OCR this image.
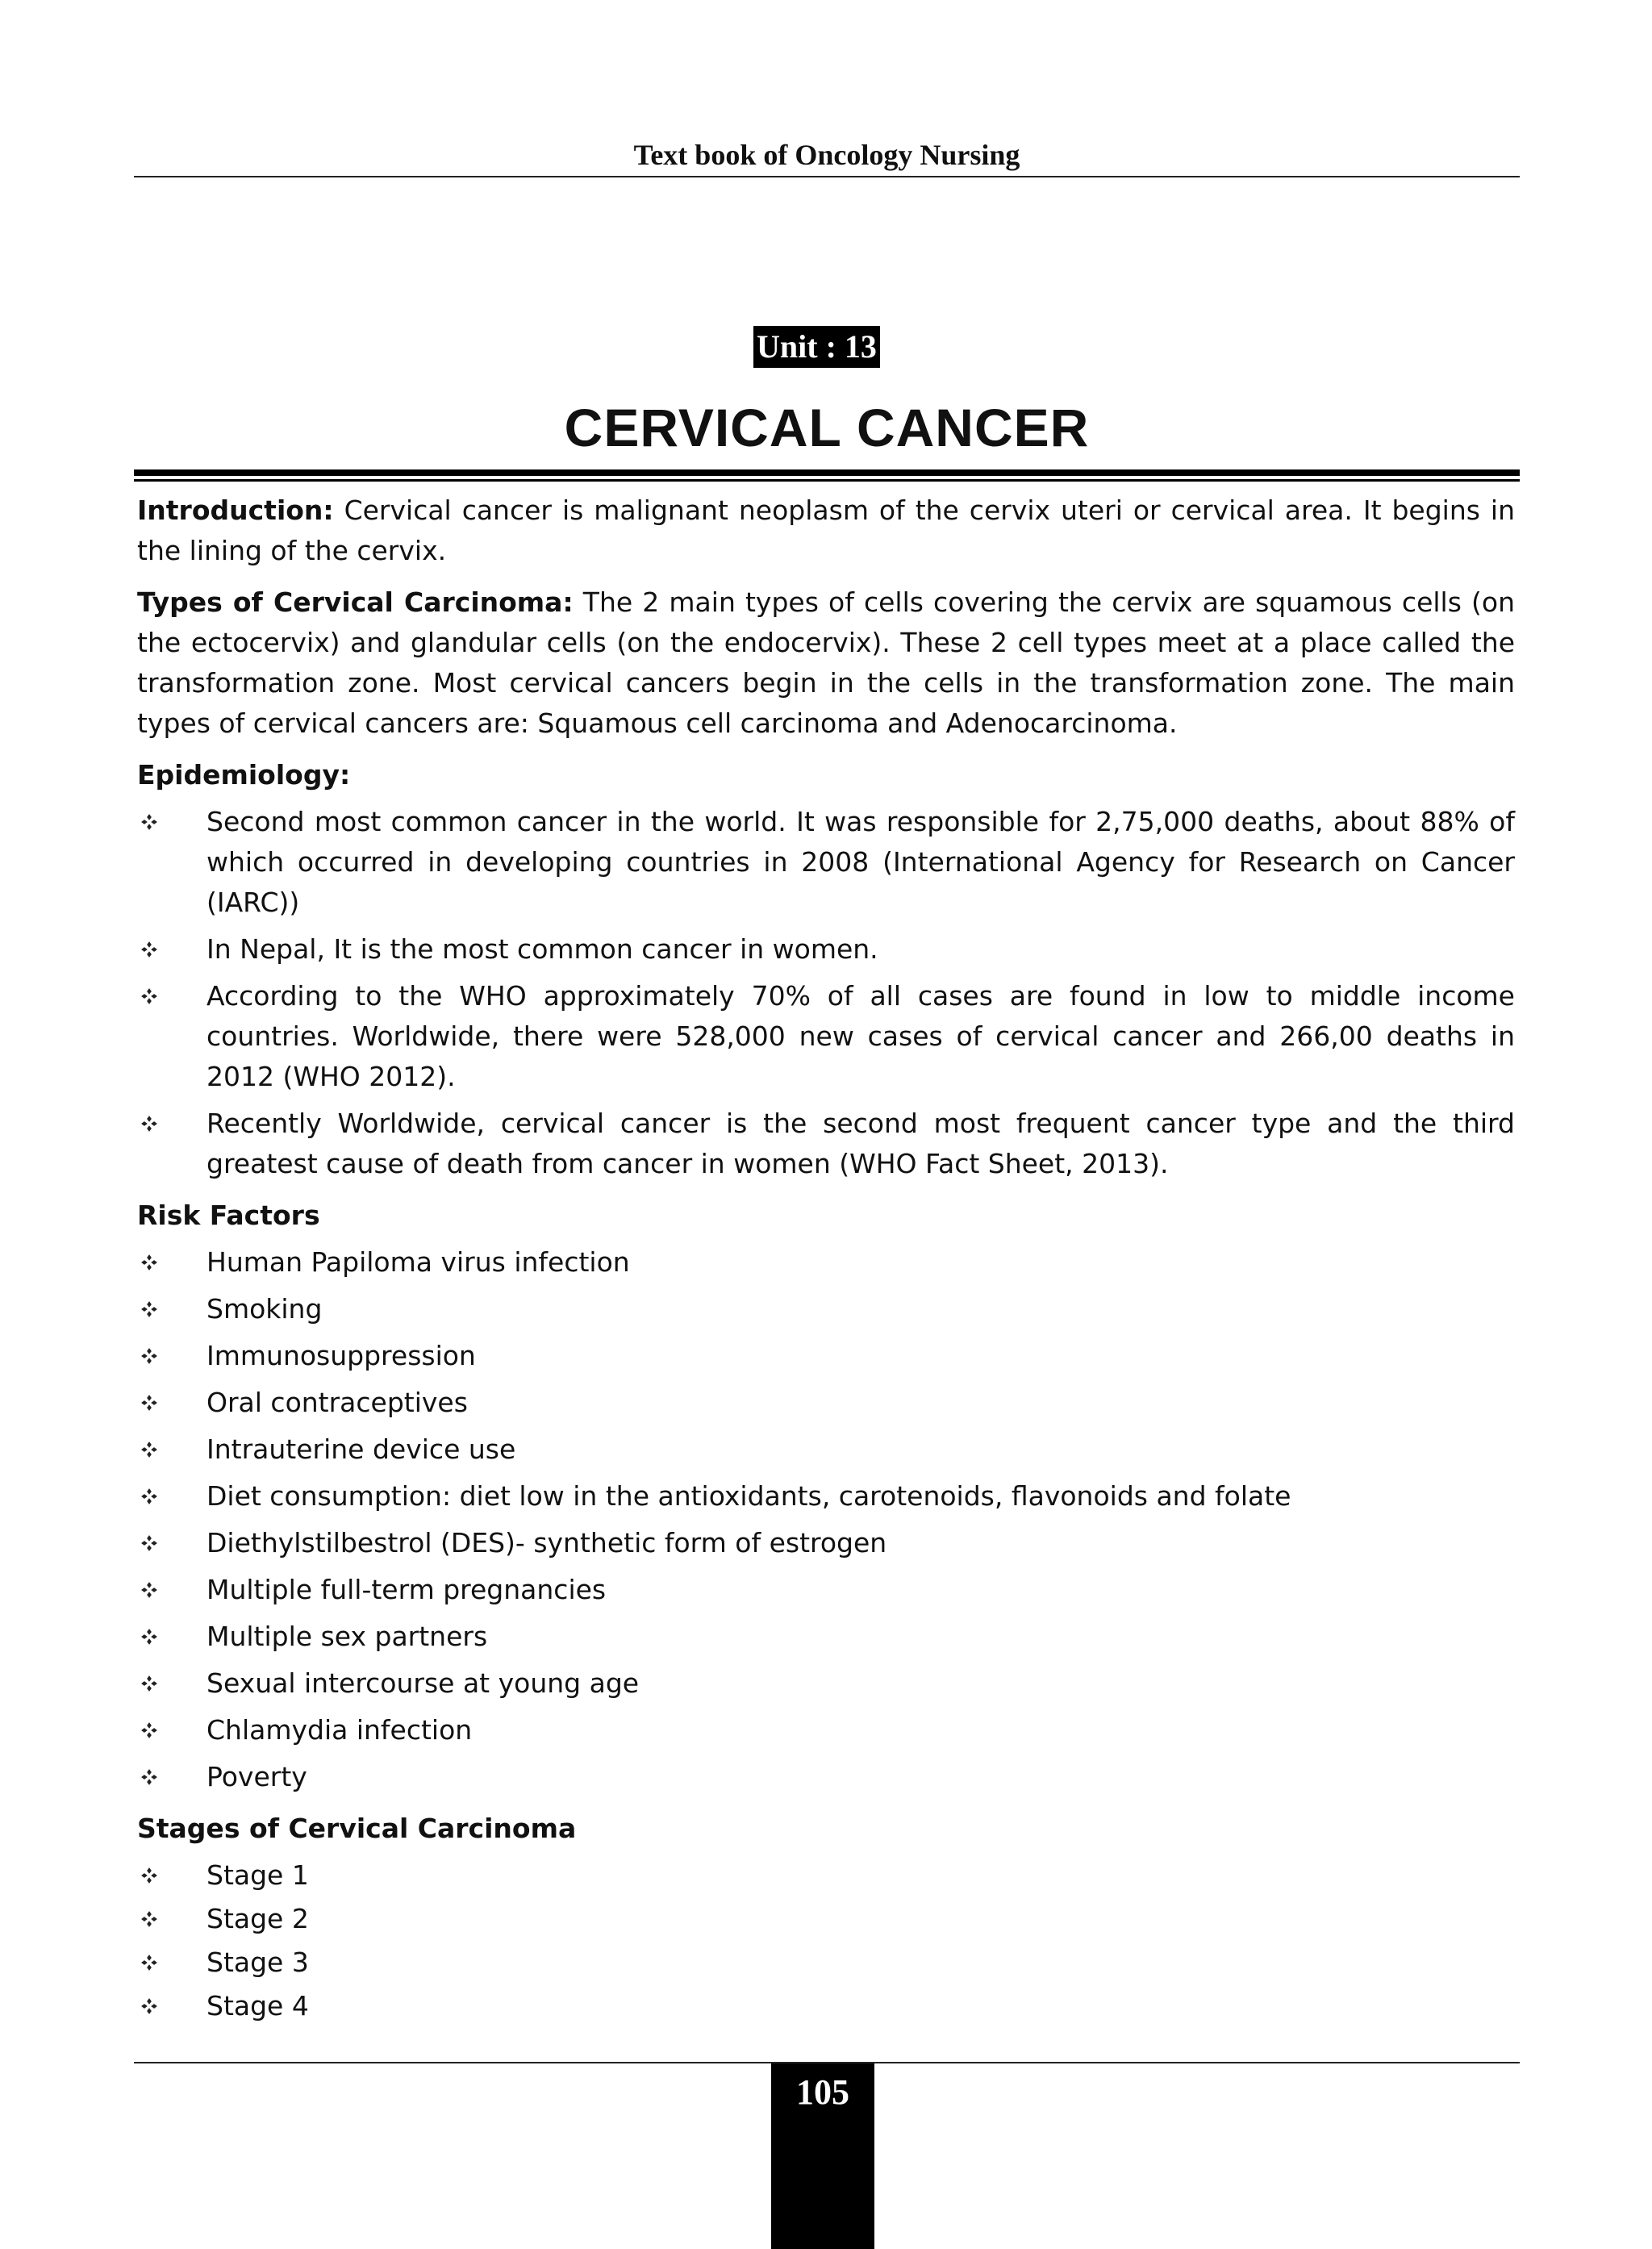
Text book of Oncology Nursing
Unit : 13
CERVICAL CANCER

Introduction: Cervical cancer is malignant neoplasm of the cervix uteri or cervical area. It begins in the lining of the cervix.

Types of Cervical Carcinoma: The 2 main types of cells covering the cervix are squamous cells (on the ectocervix) and glandular cells (on the endocervix). These 2 cell types meet at a place called the transformation zone. Most cervical cancers begin in the cells in the transformation zone. The main types of cervical cancers are: Squamous cell carcinoma and Adenocarcinoma.

Epidemiology:
Second most common cancer in the world. It was responsible for 2,75,000 deaths, about 88% of which occurred in developing countries in 2008 (International Agency for Research on Cancer (IARC))
In Nepal, It is the most common cancer in women.
According to the WHO approximately 70% of all cases are found in low to middle income countries. Worldwide, there were 528,000 new cases of cervical cancer and 266,00 deaths in 2012 (WHO 2012).
Recently Worldwide, cervical cancer is the second most frequent cancer type and the third greatest cause of death from cancer in women (WHO Fact Sheet, 2013).
Risk Factors
Human Papiloma virus infection
Smoking
Immunosuppression
Oral contraceptives
Intrauterine device use
Diet consumption: diet low in the antioxidants, carotenoids, flavonoids and folate
Diethylstilbestrol (DES)- synthetic form of estrogen
Multiple full-term pregnancies
Multiple sex partners
Sexual intercourse at young age
Chlamydia infection
Poverty
Stages of Cervical Carcinoma
Stage 1
Stage 2
Stage 3
Stage 4
105
